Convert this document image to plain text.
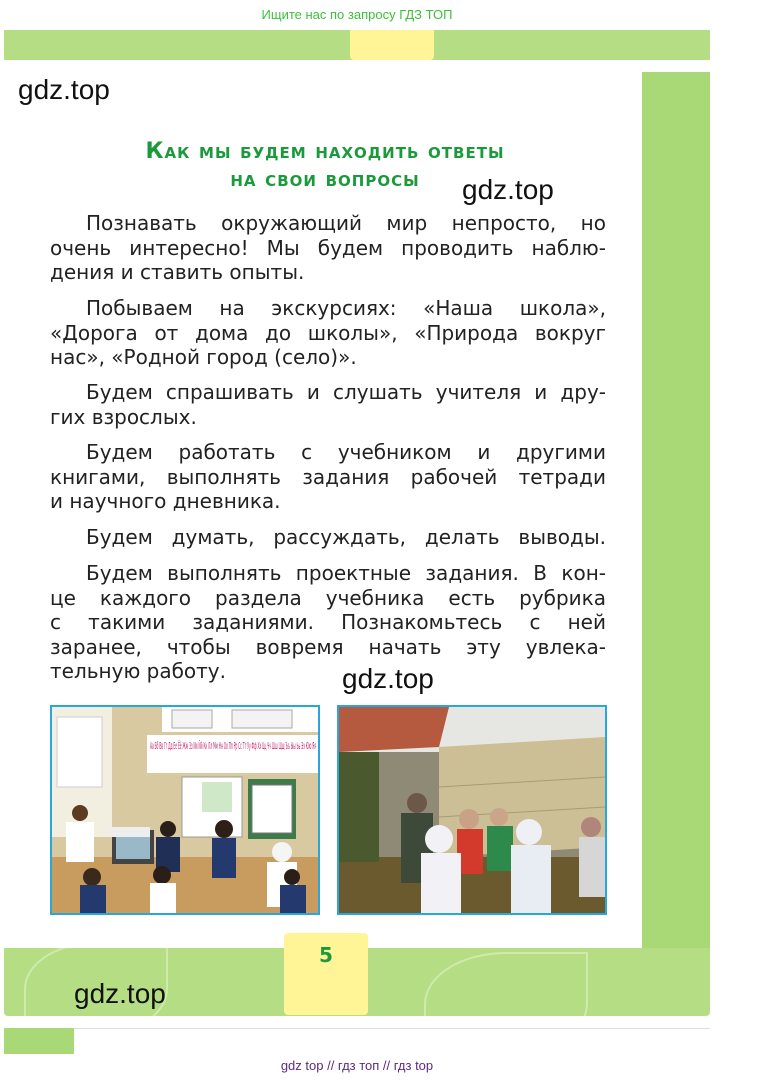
Ищите нас по запросу ГДЗ ТОП
gdz.top
Как мы будем находить ответы
на свои вопросы	gdz.top
Познавать окружающий мир непросто, но
очень интересно! Мы будем проводить наблю-
дения и ставить опыты.
Побываем на экскурсиях: «Наша школа»,
«Дорога от дома до школы», «Природа вокруг
нас», «Родной город (село)».
Будем спрашивать и слушать учителя и дру-
гих взрослых.
Будем работать с учебником и другими
книгами, выполнять задания рабочей тетради
и научного дневника.
Будем думать, рассуждать, делать выводы.
Будем выполнять проектные задания. В кон-
це каждого раздела учебника есть рубрика
с такими заданиями. Познакомьтесь с ней
заранее, чтобы вовремя начать эту увлека-
тельную работу.	gdz.top
gdz.top
5
gdz top // гдз топ // гдз top
